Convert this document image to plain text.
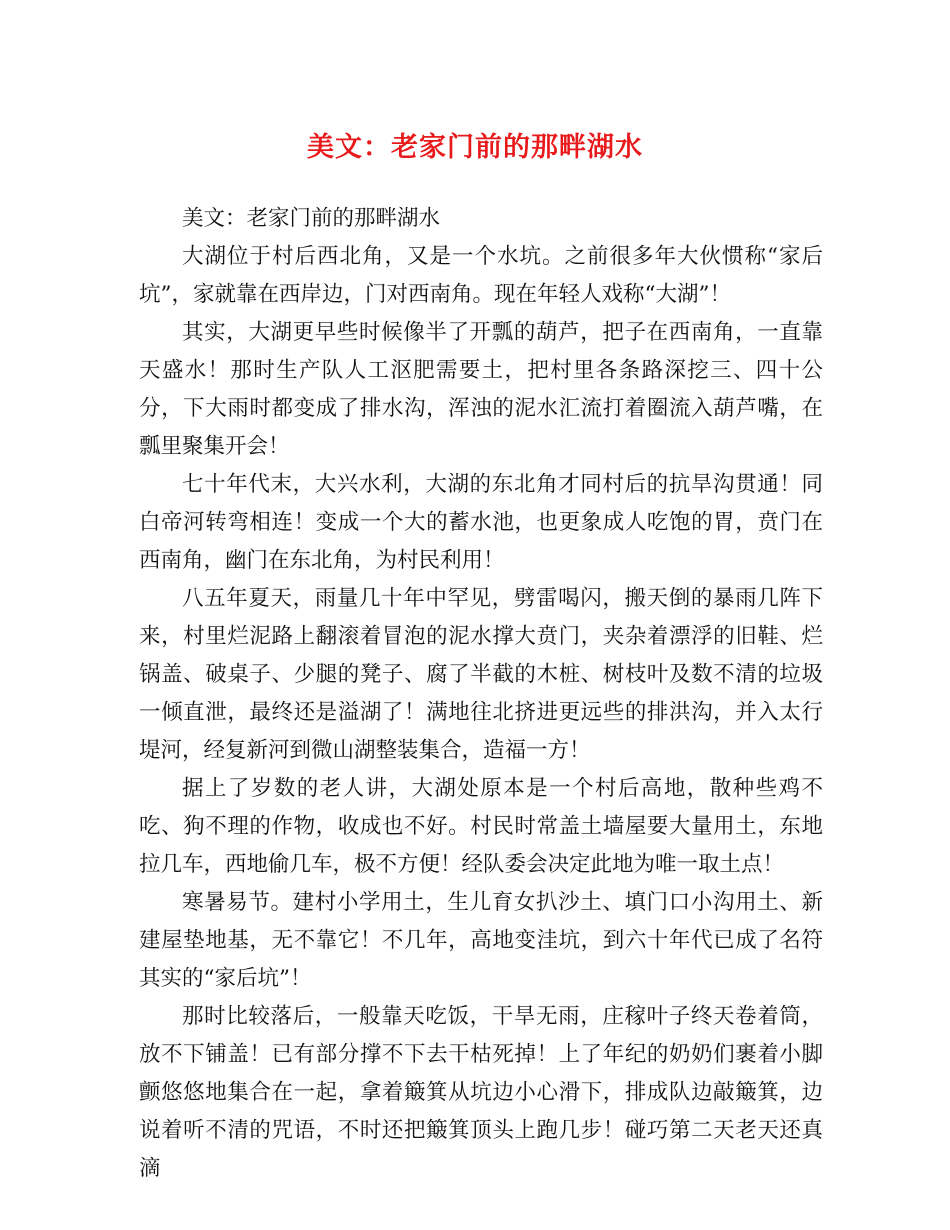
美文：老家门前的那畔湖水

美文：老家门前的那畔湖水

大湖位于村后西北角，又是一个水坑。之前很多年大伙惯称“家后坑”，家就靠在西岸边，门对西南角。现在年轻人戏称“大湖”！

其实，大湖更早些时候像半了开瓢的葫芦，把子在西南角，一直靠天盛水！那时生产队人工沤肥需要土，把村里各条路深挖三、四十公分，下大雨时都变成了排水沟，浑浊的泥水汇流打着圈流入葫芦嘴，在瓢里聚集开会！

七十年代末，大兴水利，大湖的东北角才同村后的抗旱沟贯通！同白帝河转弯相连！变成一个大的蓄水池，也更象成人吃饱的胃，贲门在西南角，幽门在东北角，为村民利用！

八五年夏天，雨量几十年中罕见，劈雷喝闪，搬天倒的暴雨几阵下来，村里烂泥路上翻滚着冒泡的泥水撑大贲门，夹杂着漂浮的旧鞋、烂锅盖、破桌子、少腿的凳子、腐了半截的木桩、树枝叶及数不清的垃圾一倾直泄，最终还是溢湖了！满地往北挤进更远些的排洪沟，并入太行堤河，经复新河到微山湖整装集合，造福一方！

据上了岁数的老人讲，大湖处原本是一个村后高地，散种些鸡不吃、狗不理的作物，收成也不好。村民时常盖土墙屋要大量用土，东地拉几车，西地偷几车，极不方便！经队委会决定此地为唯一取土点！

寒暑易节。建村小学用土，生儿育女扒沙土、填门口小沟用土、新建屋垫地基，无不靠它！不几年，高地变洼坑，到六十年代已成了名符其实的“家后坑”！

那时比较落后，一般靠天吃饭，干旱无雨，庄稼叶子终天卷着筒，放不下铺盖！已有部分撑不下去干枯死掉！上了年纪的奶奶们裹着小脚颤悠悠地集合在一起，拿着簸箕从坑边小心滑下，排成队边敲簸箕，边说着听不清的咒语，不时还把簸箕顶头上跑几步！碰巧第二天老天还真滴
